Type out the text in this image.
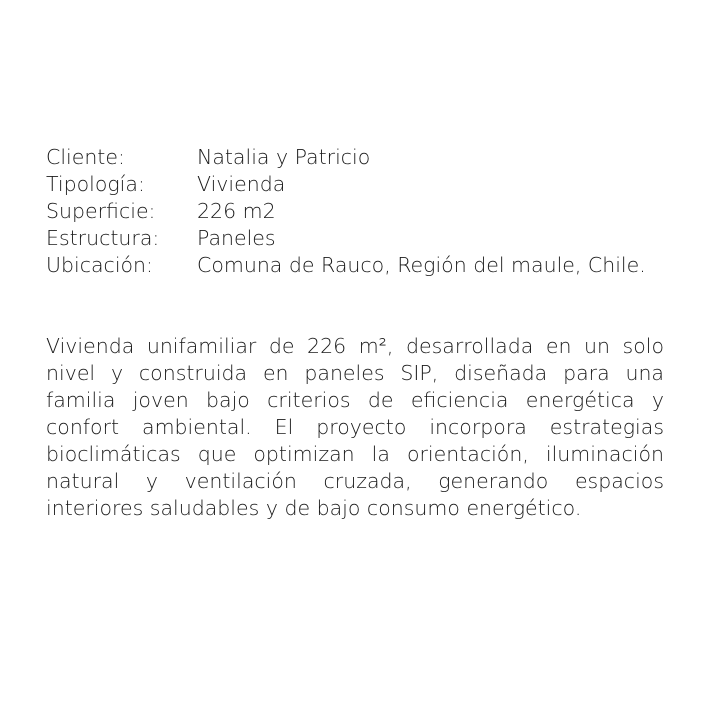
Cliente:	Natalia y Patricio
Tipología:	Vivienda
Superficie: 226 m2
Estructura: Paneles
Ubicación: Comuna de Rauco, Región del maule, Chile.

Vivienda unifamiliar de 226 m², desarrollada en un solo nivel y construida en paneles SIP, diseñada para una familia joven bajo criterios de eficiencia energética y confort ambiental. El proyecto incorpora estrategias bioclimáticas que optimizan la orientación, iluminación natural y ventilación cruzada, generando espacios interiores saludables y de bajo consumo energético.
